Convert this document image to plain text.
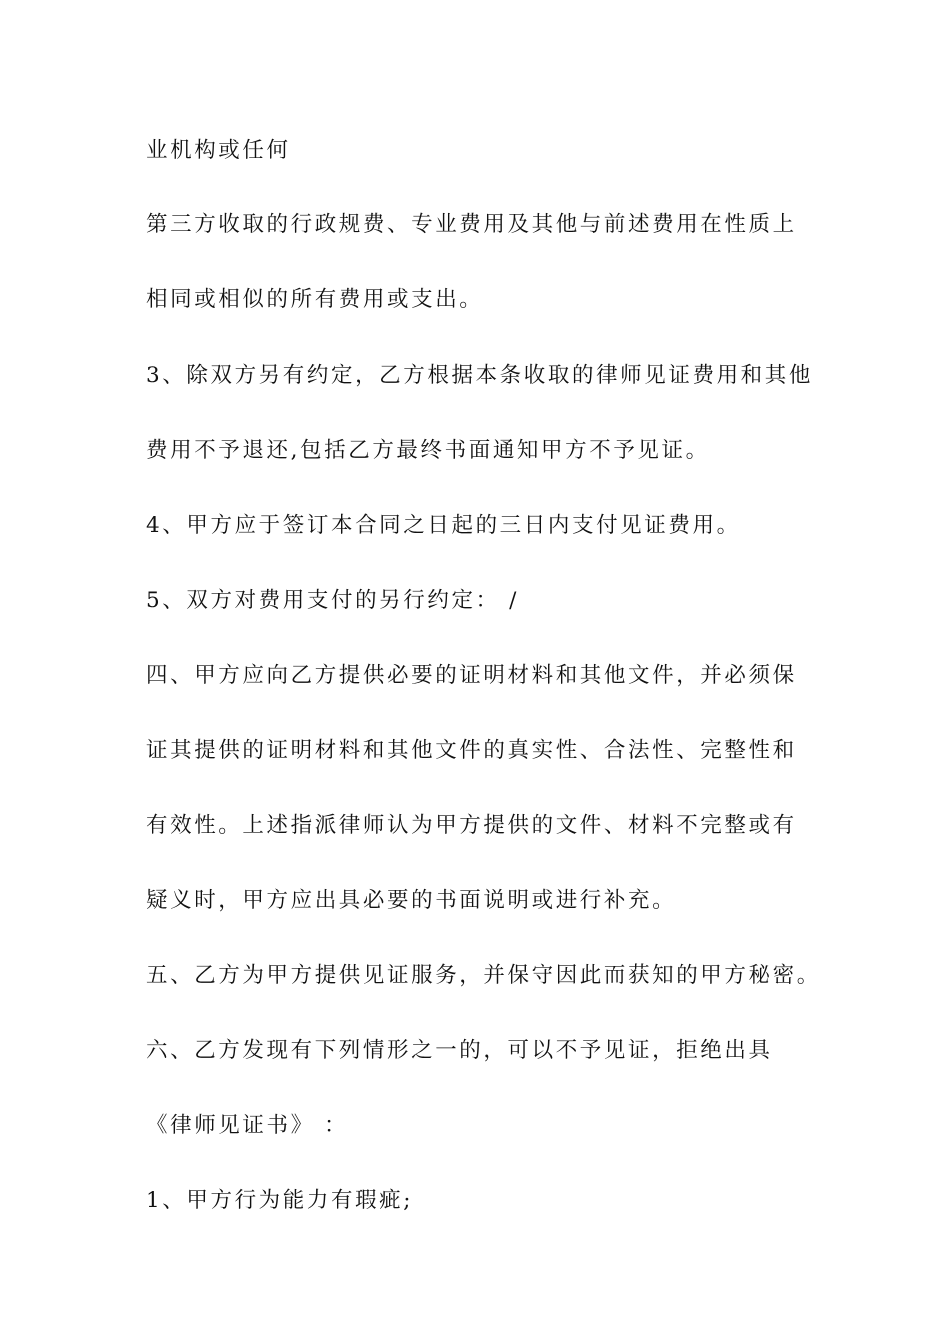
业机构或任何
第三方收取的行政规费、专业费用及其他与前述费用在性质上
相同或相似的所有费用或支出。
3、除双方另有约定，乙方根据本条收取的律师见证费用和其他
费用不予退还,包括乙方最终书面通知甲方不予见证。
4、甲方应于签订本合同之日起的三日内支付见证费用。
5、双方对费用支付的另行约定： /
四、甲方应向乙方提供必要的证明材料和其他文件，并必须保
证其提供的证明材料和其他文件的真实性、合法性、完整性和
有效性。上述指派律师认为甲方提供的文件、材料不完整或有
疑义时，甲方应出具必要的书面说明或进行补充。
五、乙方为甲方提供见证服务，并保守因此而获知的甲方秘密。
六、乙方发现有下列情形之一的，可以不予见证，拒绝出具
《律师见证书》 ：
1、甲方行为能力有瑕疵;
